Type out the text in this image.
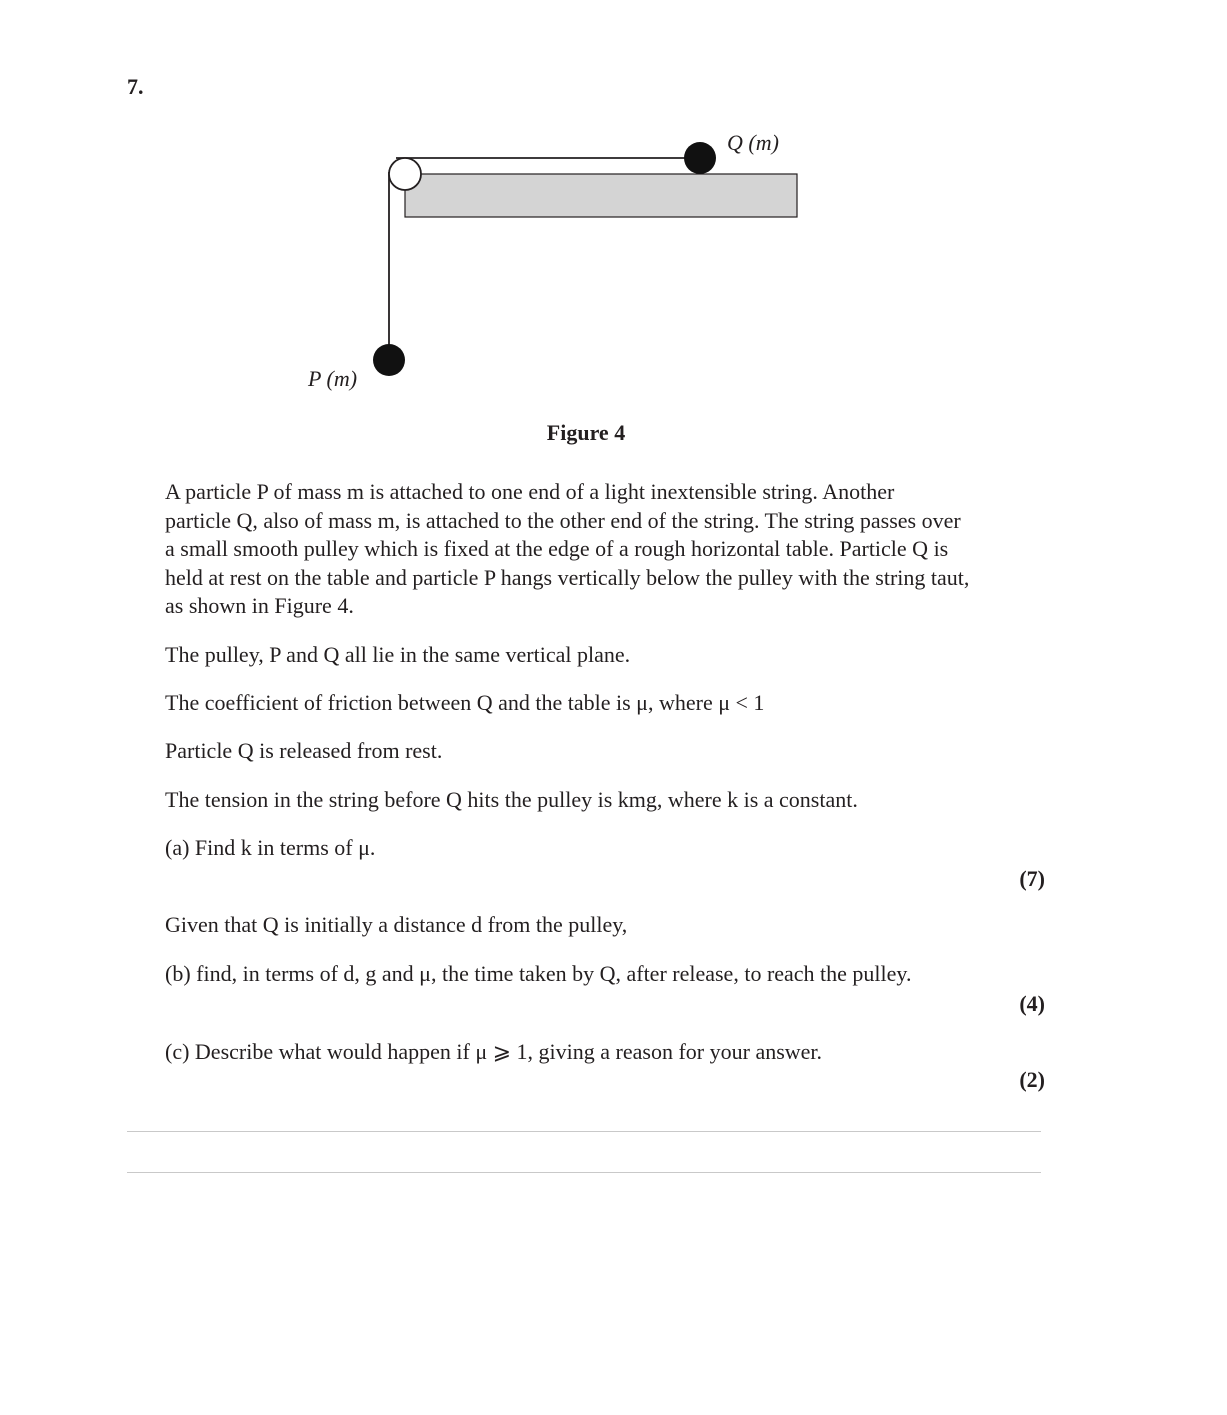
7.
Q (m)
P (m)
Figure 4
A particle P of mass m is attached to one end of a light inextensible string. Another
particle Q, also of mass m, is attached to the other end of the string. The string passes over
a small smooth pulley which is fixed at the edge of a rough horizontal table. Particle Q is
held at rest on the table and particle P hangs vertically below the pulley with the string taut,
as shown in Figure 4.
The pulley, P and Q all lie in the same vertical plane.
The coefficient of friction between Q and the table is μ, where μ < 1
Particle Q is released from rest.
The tension in the string before Q hits the pulley is kmg, where k is a constant.
(a) Find k in terms of μ.
(7)
Given that Q is initially a distance d from the pulley,
(b) find, in terms of d, g and μ, the time taken by Q, after release, to reach the pulley.
(4)
(c) Describe what would happen if μ ⩾ 1, giving a reason for your answer.
(2)
